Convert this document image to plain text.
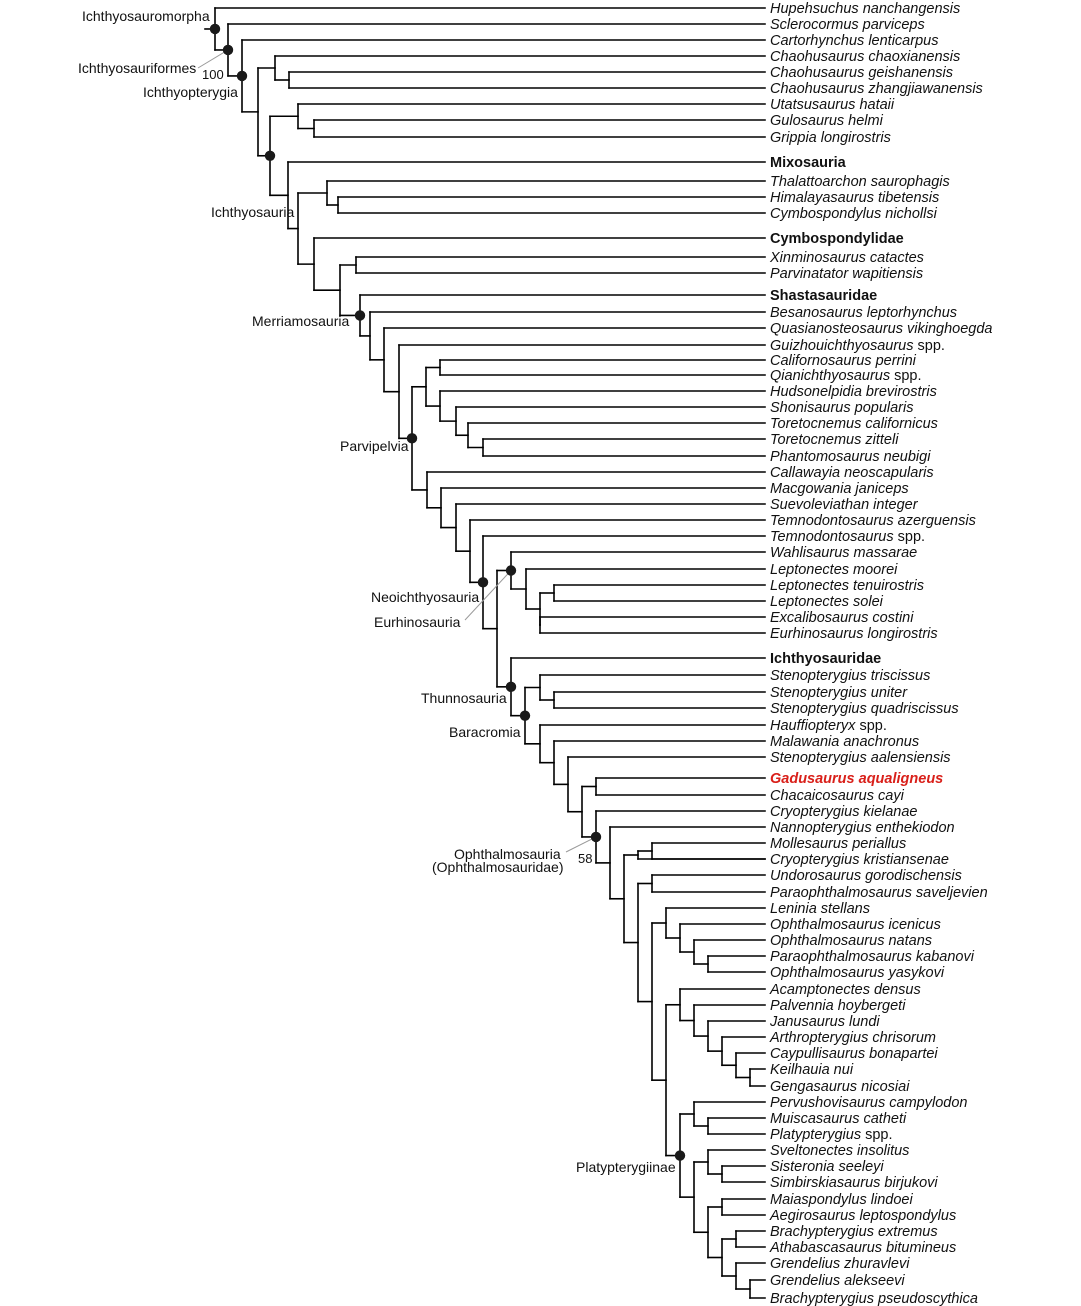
Hupehsuchus nanchangensis
Sclerocormus parviceps
Cartorhynchus lenticarpus
Chaohusaurus chaoxianensis
Chaohusaurus geishanensis
Chaohusaurus zhangjiawanensis
Utatsusaurus hataii
Gulosaurus helmi
Grippia longirostris
Mixosauria
Thalattoarchon saurophagis
Himalayasaurus tibetensis
Cymbospondylus nichollsi
Cymbospondylidae
Xinminosaurus catactes
Parvinatator wapitiensis
Shastasauridae
Besanosaurus leptorhynchus
Quasianosteosaurus vikinghoegda
Guizhouichthyosaurus spp.
Californosaurus perrini
Qianichthyosaurus spp.
Hudsonelpidia brevirostris
Shonisaurus popularis
Toretocnemus californicus
Toretocnemus zitteli
Phantomosaurus neubigi
Callawayia neoscapularis
Macgowania janiceps
Suevoleviathan integer
Temnodontosaurus azerguensis
Temnodontosaurus spp.
Wahlisaurus massarae
Leptonectes moorei
Leptonectes tenuirostris
Leptonectes solei
Excalibosaurus costini
Eurhinosaurus longirostris
Ichthyosauridae
Stenopterygius triscissus
Stenopterygius uniter
Stenopterygius quadriscissus
Hauffiopteryx spp.
Malawania anachronus
Stenopterygius aalensiensis
Gadusaurus aqualigneus
Chacaicosaurus cayi
Cryopterygius kielanae
Nannopterygius enthekiodon
Mollesaurus periallus
Cryopterygius kristiansenae
Undorosaurus gorodischensis
Paraophthalmosaurus saveljevien
Leninia stellans
Ophthalmosaurus icenicus
Ophthalmosaurus natans
Paraophthalmosaurus kabanovi
Ophthalmosaurus yasykovi
Acamptonectes densus
Palvennia hoybergeti
Janusaurus lundi
Arthropterygius chrisorum
Caypullisaurus bonapartei
Keilhauia nui
Gengasaurus nicosiai
Pervushovisaurus campylodon
Muiscasaurus catheti
Platypterygius spp.
Sveltonectes insolitus
Sisteronia seeleyi
Simbirskiasaurus birjukovi
Maiaspondylus lindoei
Aegirosaurus leptospondylus
Brachypterygius extremus
Athabascasaurus bitumineus
Grendelius zhuravlevi
Grendelius alekseevi
Brachypterygius pseudoscythica
Ichthyosauromorpha
Ichthyosauriformes
Ichthyopterygia
Ichthyosauria
Merriamosauria
Parvipelvia
Neoichthyosauria
Eurhinosauria
Thunnosauria
Baracromia
Ophthalmosauria
(Ophthalmosauridae)
Platypterygiinae
100
58
